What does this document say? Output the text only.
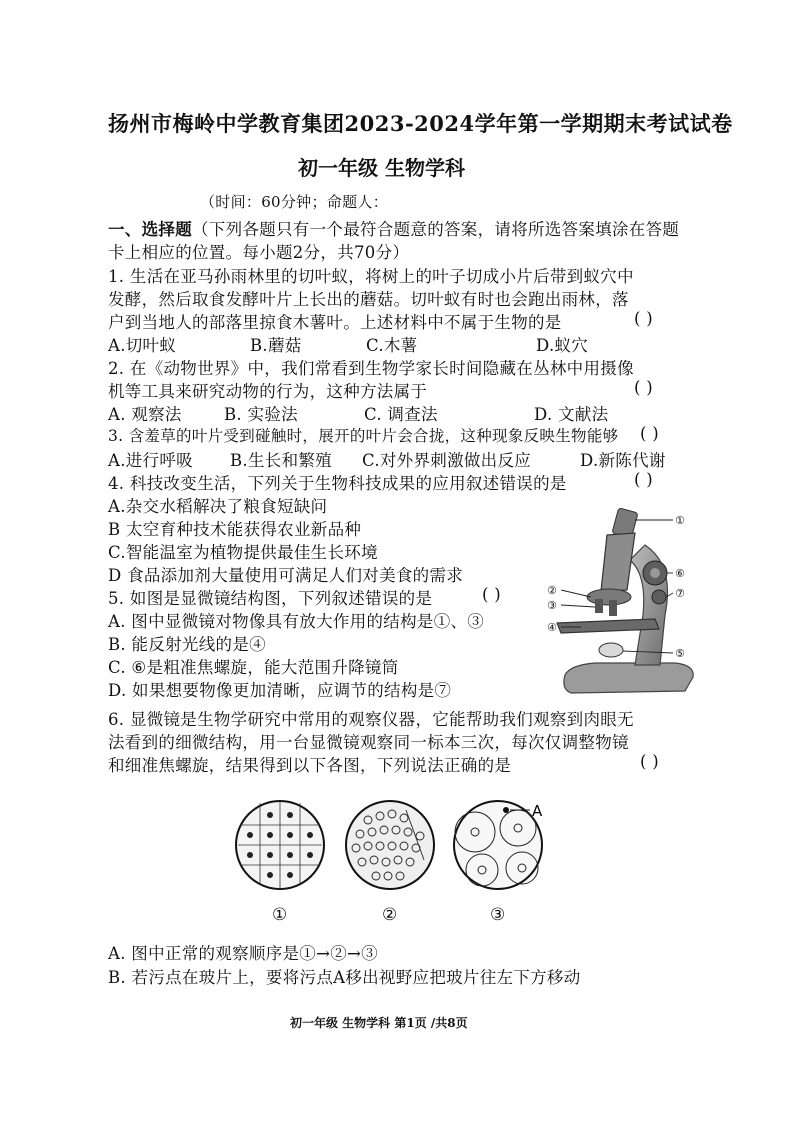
扬州市梅岭中学教育集团2023-2024学年第一学期期末考试试卷
初一年级 生物学科
（时间：60分钟；命题人：
一、选择题（下列各题只有一个最符合题意的答案，请将所选答案填涂在答题
卡上相应的位置。每小题2分，共70分）
1. 生活在亚马孙雨林里的切叶蚁，将树上的叶子切成小片后带到蚁穴中
发酵，然后取食发酵叶片上长出的蘑菇。切叶蚁有时也会跑出雨林，落
户到当地人的部落里掠食木薯叶。上述材料中不属于生物的是	( )
A.切叶蚁	B.蘑菇	C.木薯	D.蚁穴
2. 在《动物世界》中，我们常看到生物学家长时间隐藏在丛林中用摄像
机等工具来研究动物的行为，这种方法属于	( )
A. 观察法	B. 实验法	C. 调查法	D. 文献法
3. 含羞草的叶片受到碰触时，展开的叶片会合拢，这种现象反映生物能够 ( )
A.进行呼吸 B.生长和繁殖 C.对外界刺激做出反应	D.新陈代谢
4. 科技改变生活，下列关于生物科技成果的应用叙述错误的是	( )
A.杂交水稻解决了粮食短缺问
B 太空育种技术能获得农业新品种
C.智能温室为植物提供最佳生长环境
D 食品添加剂大量使用可满足人们对美食的需求
5. 如图是显微镜结构图，下列叙述错误的是	( )
A. 图中显微镜对物像具有放大作用的结构是①、③
B. 能反射光线的是④
C. ⑥是粗准焦螺旋，能大范围升降镜筒
D. 如果想要物像更加清晰，应调节的结构是⑦
①
⑥
②	⑦
③
④
⑤
6. 显微镜是生物学研究中常用的观察仪器，它能帮助我们观察到肉眼无
法看到的细微结构，用一台显微镜观察同一标本三次，每次仅调整物镜
和细准焦螺旋，结果得到以下各图，下列说法正确的是	( )
A
①	②	③
A. 图中正常的观察顺序是①→②→③
B. 若污点在玻片上，要将污点A移出视野应把玻片往左下方移动
初一年级 生物学科 第1页 /共8页
